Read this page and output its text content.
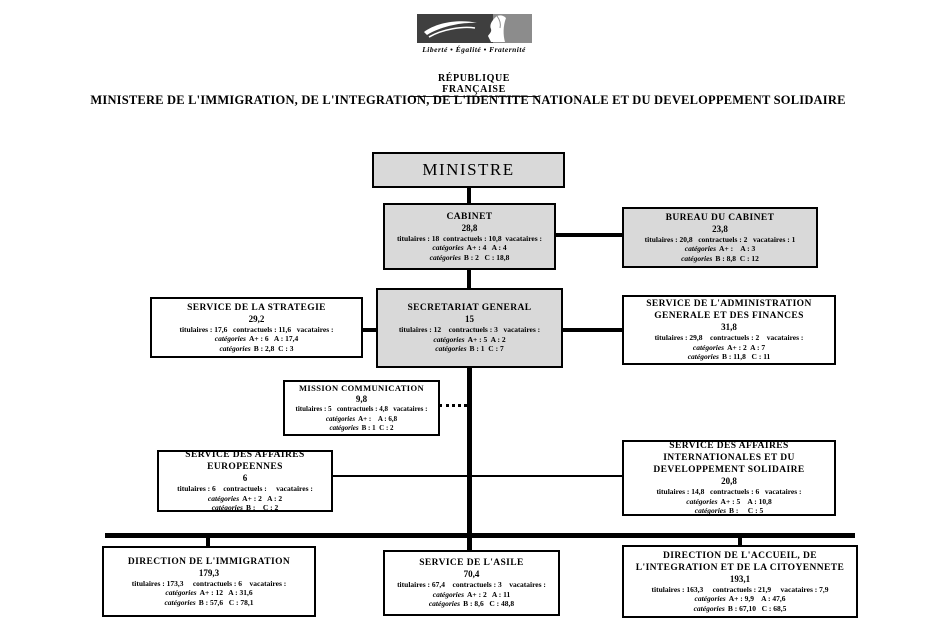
Liberté • Égalité • Fraternité

RÉPUBLIQUE FRANÇAISE
MINISTERE DE L'IMMIGRATION, DE L'INTEGRATION, DE L'IDENTITE NATIONALE ET DU DEVELOPPEMENT SOLIDAIRE
MINISTRE
CABINET
28,8
titulaires : 18  contractuels : 10,8  vacataires :
catégories A+ : 4   A : 4
catégories B : 2   C : 18,8
BUREAU DU CABINET
23,8
titulaires : 20,8   contractuels : 2   vacataires : 1
catégories A+ :    A : 3
catégories B : 8,8  C : 12
SECRETARIAT GENERAL
15
titulaires : 12    contractuels : 3   vacataires :
catégories A+ : 5  A : 2
catégories B : 1  C : 7
SERVICE DE LA STRATEGIE
29,2
titulaires : 17,6   contractuels : 11,6   vacataires :
catégories A+ : 6   A : 17,4
catégories B : 2,8  C : 3
SERVICE DE L'ADMINISTRATION GENERALE ET DES FINANCES
31,8
titulaires : 29,8    contractuels : 2    vacataires :
catégories A+ : 2  A : 7
catégories B : 11,8   C : 11
MISSION COMMUNICATION
9,8
titulaires : 5   contractuels : 4,8   vacataires :
catégories A+ :    A : 6,8
catégories B : 1  C : 2
SERVICE DES AFFAIRES EUROPEENNES
6
titulaires : 6    contractuels :     vacataires :
catégories A+ : 2   A : 2
catégories B :    C : 2
SERVICE DES AFFAIRES INTERNATIONALES ET DU DEVELOPPEMENT SOLIDAIRE
20,8
titulaires : 14,8   contractuels : 6   vacataires :
catégories A+ : 5    A : 10,8
catégories B :     C : 5
DIRECTION DE L'IMMIGRATION
179,3
titulaires : 173,3     contractuels : 6    vacataires :
catégories A+ : 12   A : 31,6
catégories B : 57,6   C : 78,1
SERVICE DE L'ASILE
70,4
titulaires : 67,4    contractuels : 3    vacataires :
catégories A+ : 2   A : 11
catégories B : 8,6   C : 48,8
DIRECTION DE L'ACCUEIL, DE L'INTEGRATION ET DE LA CITOYENNETE
193,1
titulaires : 163,3     contractuels : 21,9     vacataires : 7,9
catégories A+ : 9,9    A : 47,6
catégories B : 67,10   C : 68,5
